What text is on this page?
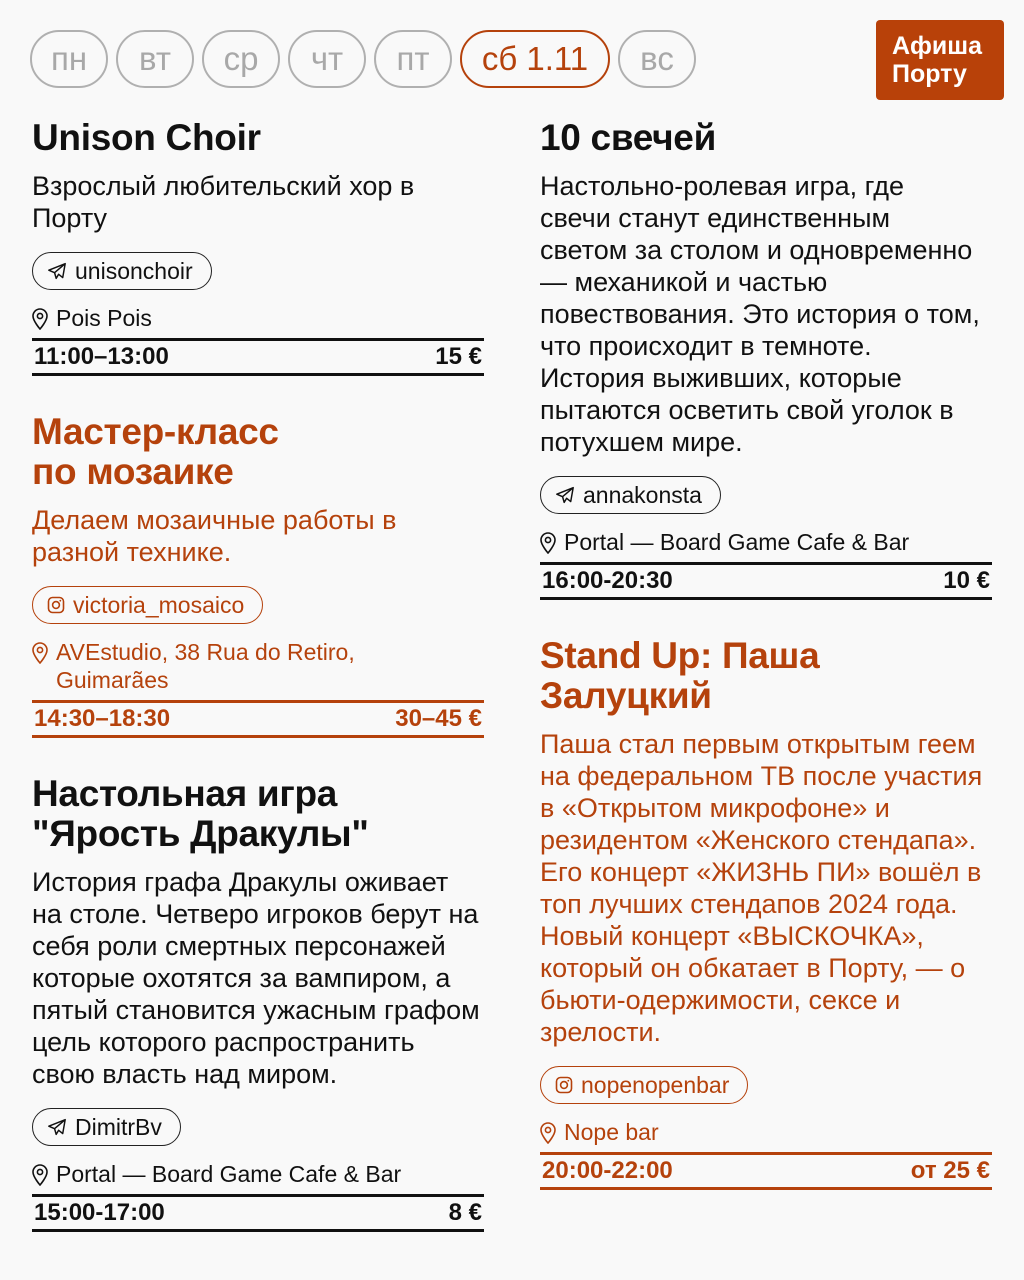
пн	вт	ср	чт	пт	сб 1.11	вс	Афиша
Порту
Unison Choir
Взрослый любительский хор в Порту
unisonchoir
Pois Pois
11:00–13:00	15 €
Мастер-класс по мозаике
Делаем мозаичные работы в разной технике.
victoria_mosaico
AVEstudio, 38 Rua do Retiro, Guimarães
14:30–18:30	30–45 €
Настольная игра "Ярость Дракулы"
История графа Дракулы оживает на столе. Четверо игроков берут на себя роли смертных персонажей которые охотятся за вампиром, а пятый становится ужасным графом цель которого распространить свою власть над миром.
DimitrBv
Portal — Board Game Cafe & Bar
15:00-17:00	8 €
10 свечей
Настольно-ролевая игра, где свечи станут единственным светом за столом и одновременно — механикой и частью повествования. Это история о том, что происходит в темноте. История выживших, которые пытаются осветить свой уголок в потухшем мире.
annakonsta
Portal — Board Game Cafe & Bar
16:00-20:30	10 €
Stand Up: Паша Залуцкий
Паша стал первым открытым геем на федеральном ТВ после участия в «Открытом микрофоне» и резидентом «Женского стендапа». Его концерт «ЖИЗНЬ ПИ» вошёл в топ лучших стендапов 2024 года. Новый концерт «ВЫСКОЧКА», который он обкатает в Порту, — о бьюти-одержимости, сексе и зрелости.
nopenopenbar
Nope bar
20:00-22:00	от 25 €
